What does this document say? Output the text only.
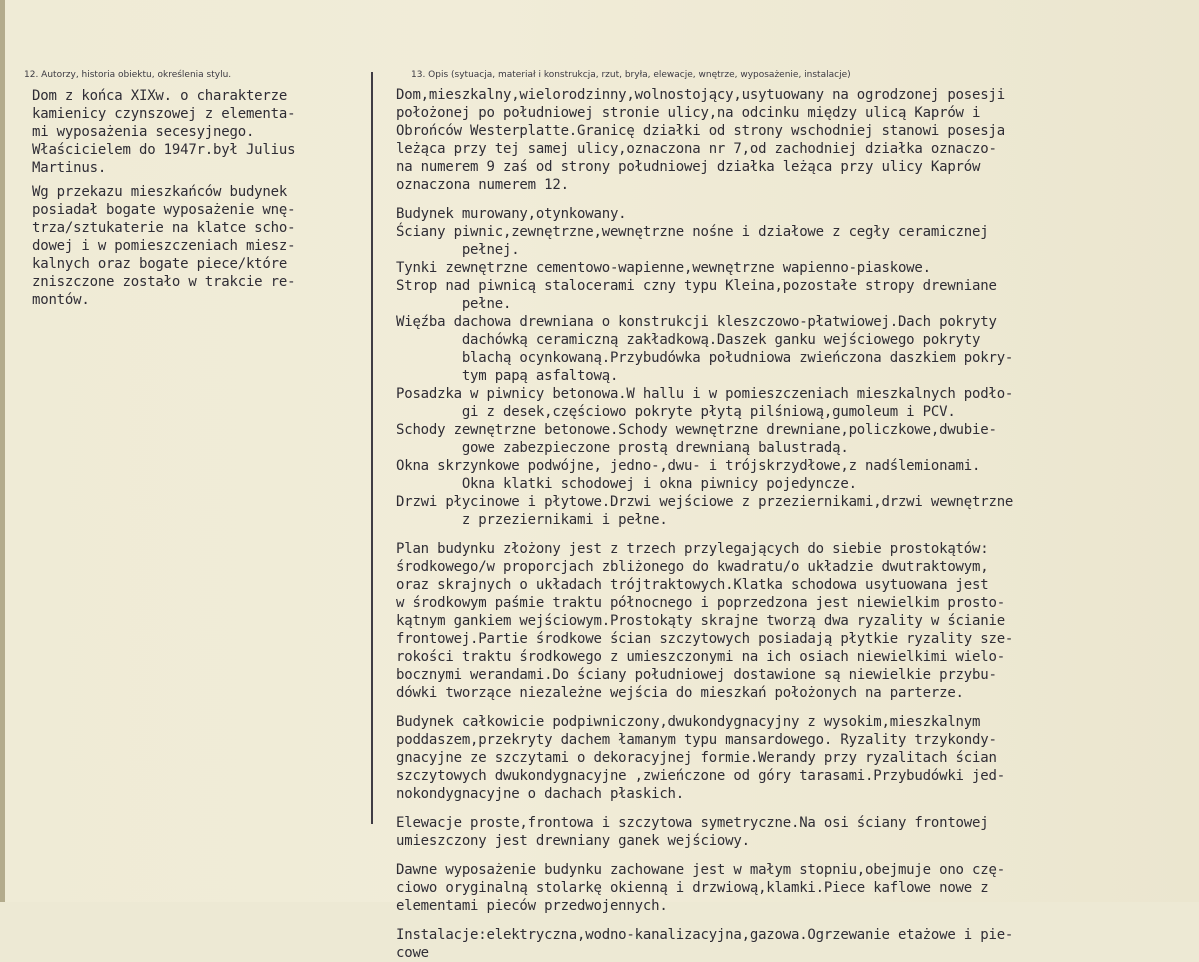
12. Autorzy, historia obiektu, określenia stylu.	13. Opis (sytuacja, materiał i konstrukcja, rzut, bryła, elewacje, wnętrze, wyposażenie, instalacje)

Dom z końca XIXw. o charakterze

kamienicy czynszowej z elementa-

mi wyposażenia secesyjnego.

Właścicielem do 1947r.był Julius

Martinus.

Wg przekazu mieszkańców budynek

posiadał bogate wyposażenie wnę-

trza/sztukaterie na klatce scho-

dowej i w pomieszczeniach miesz-

kalnych oraz bogate piece/które

zniszczone zostało w trakcie re-

montów.

Dom,mieszkalny,wielorodzinny,wolnostojący,usytuowany na ogrodzonej posesji

położonej po południowej stronie ulicy,na odcinku między ulicą Kaprów i

Obrońców Westerplatte.Granicę działki od strony wschodniej stanowi posesja

leżąca przy tej samej ulicy,oznaczona nr 7,od zachodniej działka oznaczo-

na numerem 9 zaś od strony południowej działka leżąca przy ulicy Kaprów

oznaczona numerem 12.

Budynek murowany,otynkowany.

Ściany piwnic,zewnętrzne,wewnętrzne nośne i działowe z cegły ceramicznej

pełnej.

Tynki zewnętrzne cementowo-wapienne,wewnętrzne wapienno-piaskowe.

Strop nad piwnicą stalocerami czny typu Kleina,pozostałe stropy drewniane

pełne.

Więźba dachowa drewniana o konstrukcji kleszczowo-płatwiowej.Dach pokryty

dachówką ceramiczną zakładkową.Daszek ganku wejściowego pokryty

blachą ocynkowaną.Przybudówka południowa zwieńczona daszkiem pokry-

tym papą asfaltową.

Posadzka w piwnicy betonowa.W hallu i w pomieszczeniach mieszkalnych podło-

gi z desek,częściowo pokryte płytą pilśniową,gumoleum i PCV.

Schody zewnętrzne betonowe.Schody wewnętrzne drewniane,policzkowe,dwubie-

gowe zabezpieczone prostą drewnianą balustradą.

Okna skrzynkowe podwójne, jedno-,dwu- i trójskrzydłowe,z nadślemionami.

Okna klatki schodowej i okna piwnicy pojedyncze.

Drzwi płycinowe i płytowe.Drzwi wejściowe z przeziernikami,drzwi wewnętrzne

z przeziernikami i pełne.

Plan budynku złożony jest z trzech przylegających do siebie prostokątów:

środkowego/w proporcjach zbliżonego do kwadratu/o układzie dwutraktowym,

oraz skrajnych o układach trójtraktowych.Klatka schodowa usytuowana jest

w środkowym paśmie traktu północnego i poprzedzona jest niewielkim prosto-

kątnym gankiem wejściowym.Prostokąty skrajne tworzą dwa ryzality w ścianie

frontowej.Partie środkowe ścian szczytowych posiadają płytkie ryzality sze-

rokości traktu środkowego z umieszczonymi na ich osiach niewielkimi wielo-

bocznymi werandami.Do ściany południowej dostawione są niewielkie przybu-

dówki tworzące niezależne wejścia do mieszkań położonych na parterze.

Budynek całkowicie podpiwniczony,dwukondygnacyjny z wysokim,mieszkalnym

poddaszem,przekryty dachem łamanym typu mansardowego. Ryzality trzykondy-

gnacyjne ze szczytami o dekoracyjnej formie.Werandy przy ryzalitach ścian

szczytowych dwukondygnacyjne ,zwieńczone od góry tarasami.Przybudówki jed-

nokondygnacyjne o dachach płaskich.

Elewacje proste,frontowa i szczytowa symetryczne.Na osi ściany frontowej

umieszczony jest drewniany ganek wejściowy.

Dawne wyposażenie budynku zachowane jest w małym stopniu,obejmuje ono czę-

ciowo oryginalną stolarkę okienną i drzwiową,klamki.Piece kaflowe nowe z

elementami pieców przedwojennych.

Instalacje:elektryczna,wodno-kanalizacyjna,gazowa.Ogrzewanie etażowe i pie-

cowe
